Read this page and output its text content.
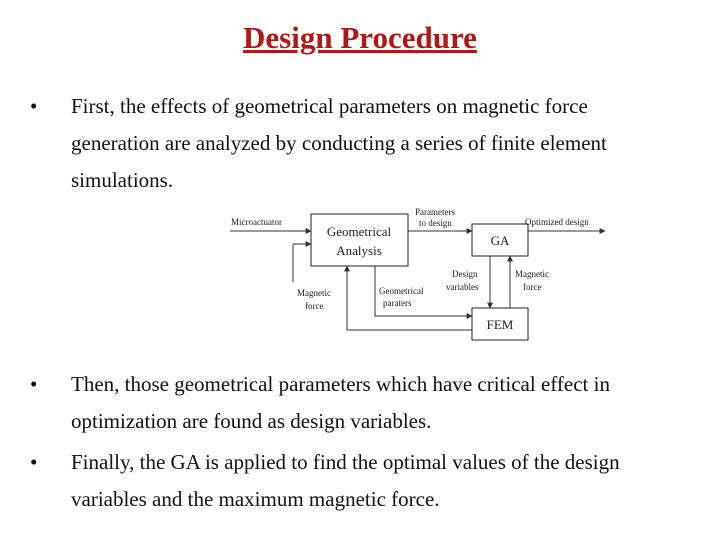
Design Procedure
• First, the effects of geometrical parameters on magnetic force generation are analyzed by conducting a series of finite element simulations.
Geometrical
Analysis
GA
FEM
Microactuator
Parameters
to design	Optimized design
Design
variables
Magnetic
force
Geometrical
paraters
Magnetic
force
• Then, those geometrical parameters which have critical effect in optimization are found as design variables.
• Finally, the GA is applied to find the optimal values of the design variables and the maximum magnetic force.
